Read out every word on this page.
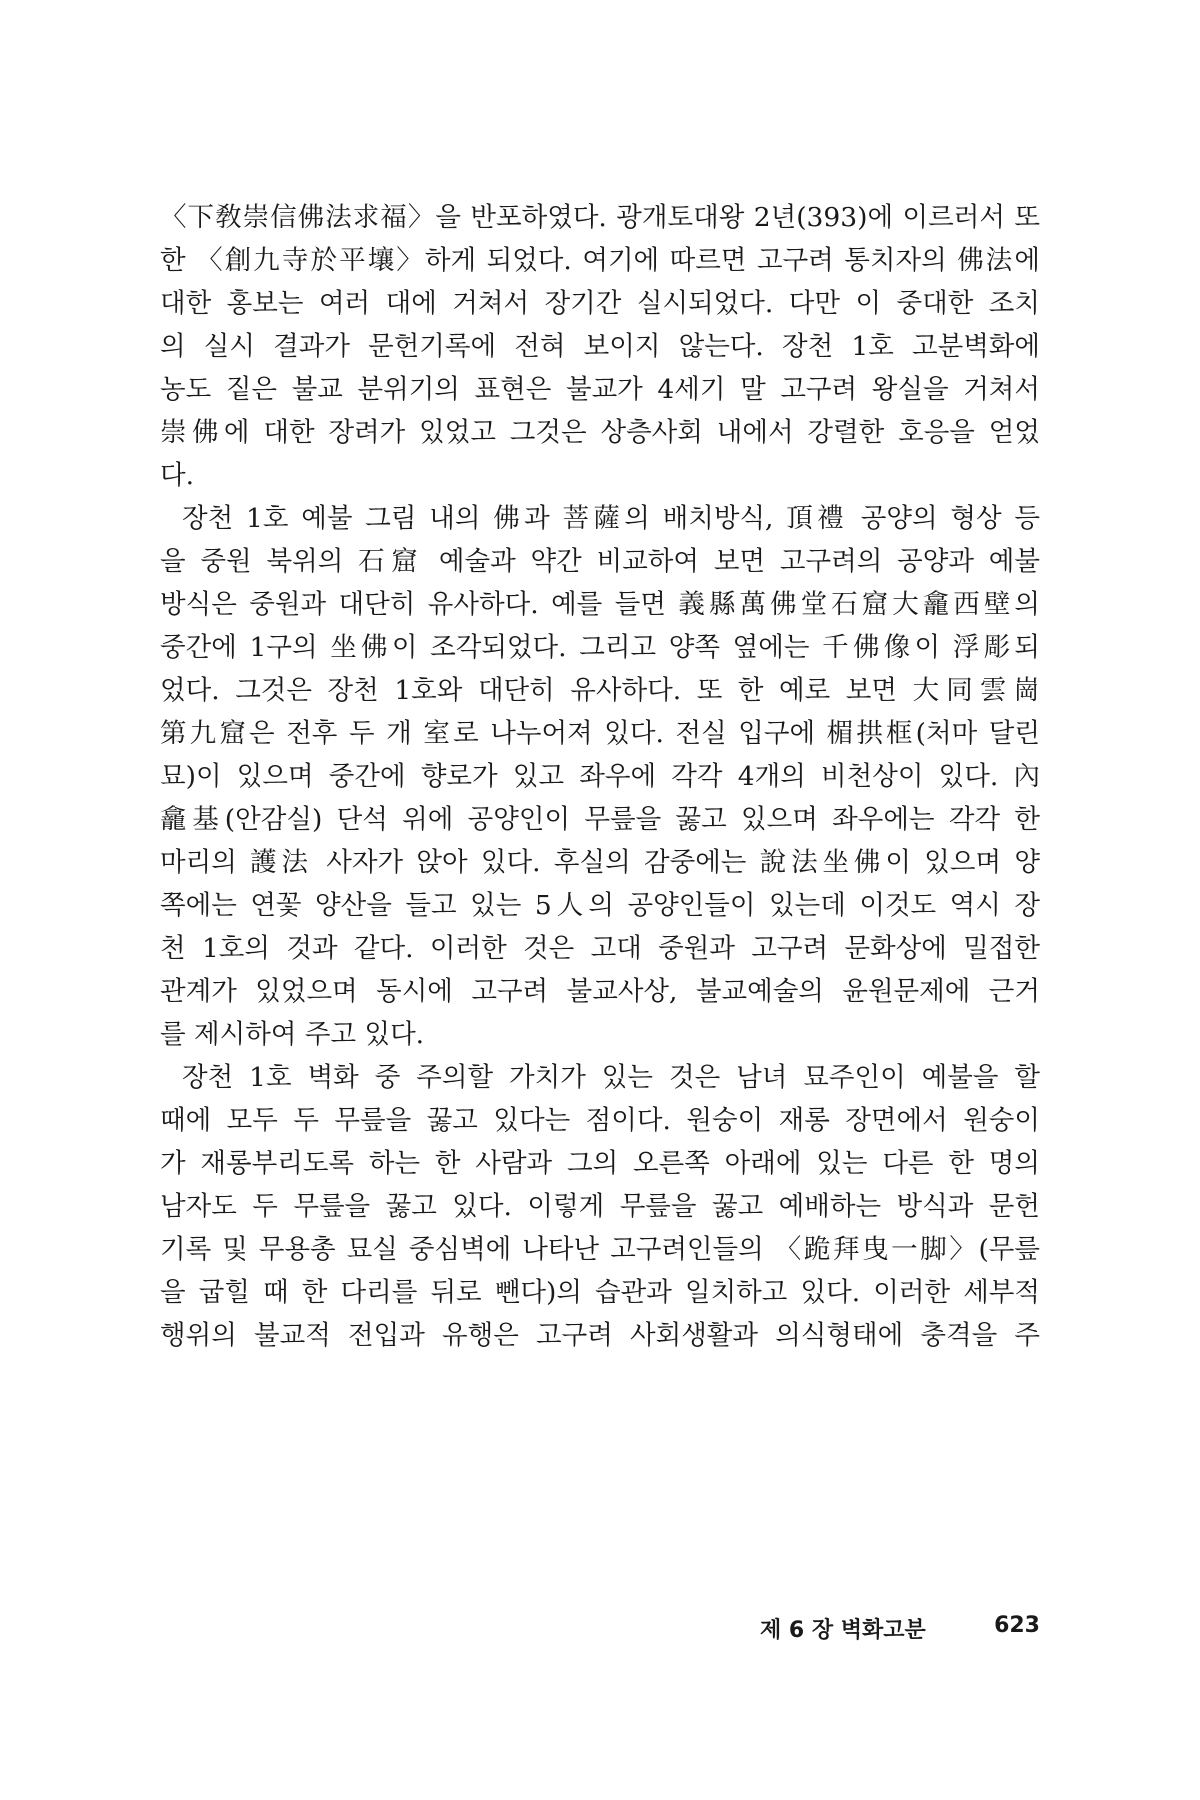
〈下敎崇信佛法求福〉을 반포하였다. 광개토대왕 2년(393)에 이르러서 또
한 〈創九寺於平壤〉하게 되었다. 여기에 따르면 고구려 통치자의 佛法에
대한 홍보는 여러 대에 거쳐서 장기간 실시되었다. 다만 이 중대한 조치
의 실시 결과가 문헌기록에 전혀 보이지 않는다. 장천 1호 고분벽화에
농도 짙은 불교 분위기의 표현은 불교가 4세기 말 고구려 왕실을 거쳐서
崇佛에 대한 장려가 있었고 그것은 상층사회 내에서 강렬한 호응을 얻었
다.
장천 1호 예불 그림 내의 佛과 菩薩의 배치방식, 頂禮 공양의 형상 등
을 중원 북위의 石窟 예술과 약간 비교하여 보면 고구려의 공양과 예불
방식은 중원과 대단히 유사하다. 예를 들면 義縣萬佛堂石窟大龕西壁의
중간에 1구의 坐佛이 조각되었다. 그리고 양쪽 옆에는 千佛像이 浮彫되
었다. 그것은 장천 1호와 대단히 유사하다. 또 한 예로 보면 大同雲崗
第九窟은 전후 두 개 室로 나누어져 있다. 전실 입구에 楣拱框(처마 달린
묘)이 있으며 중간에 향로가 있고 좌우에 각각 4개의 비천상이 있다. 內
龕基(안감실) 단석 위에 공양인이 무릎을 꿇고 있으며 좌우에는 각각 한
마리의 護法 사자가 앉아 있다. 후실의 감중에는 說法坐佛이 있으며 양
쪽에는 연꽃 양산을 들고 있는 5人의 공양인들이 있는데 이것도 역시 장
천 1호의 것과 같다. 이러한 것은 고대 중원과 고구려 문화상에 밀접한
관계가 있었으며 동시에 고구려 불교사상, 불교예술의 윤원문제에 근거
를 제시하여 주고 있다.
장천 1호 벽화 중 주의할 가치가 있는 것은 남녀 묘주인이 예불을 할
때에 모두 두 무릎을 꿇고 있다는 점이다. 원숭이 재롱 장면에서 원숭이
가 재롱부리도록 하는 한 사람과 그의 오른쪽 아래에 있는 다른 한 명의
남자도 두 무릎을 꿇고 있다. 이렇게 무릎을 꿇고 예배하는 방식과 문헌
기록 및 무용총 묘실 중심벽에 나타난 고구려인들의 〈跪拜曳一脚〉(무릎
을 굽힐 때 한 다리를 뒤로 뺀다)의 습관과 일치하고 있다. 이러한 세부적
행위의 불교적 전입과 유행은 고구려 사회생활과 의식형태에 충격을 주
제 6 장 벽화고분	623
